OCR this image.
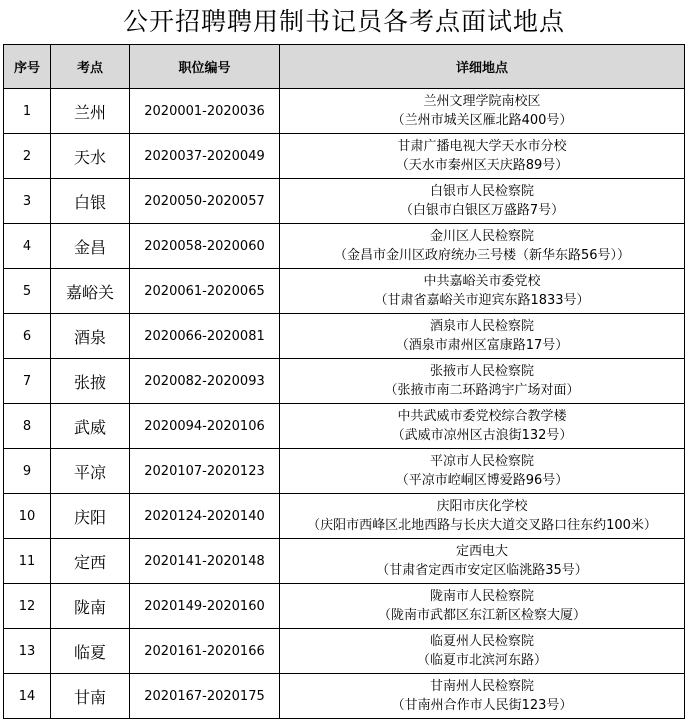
公开招聘聘用制书记员各考点面试地点
序号	考点	职位编号	详细地点
1	兰州	2020001-2020036	兰州文理学院南校区
（兰州市城关区雁北路400号）

2	天水	2020037-2020049	甘肃广播电视大学天水市分校
（天水市秦州区天庆路89号）

3	白银	2020050-2020057	白银市人民检察院
（白银市白银区万盛路7号）

4	金昌	2020058-2020060	金川区人民检察院
（金昌市金川区政府统办三号楼（新华东路56号））

5	嘉峪关	2020061-2020065	中共嘉峪关市委党校
（甘肃省嘉峪关市迎宾东路1833号）

6	酒泉	2020066-2020081	酒泉市人民检察院
（酒泉市肃州区富康路17号）

7	张掖	2020082-2020093	张掖市人民检察院
（张掖市南二环路鸿宇广场对面）

8	武威	2020094-2020106	中共武威市委党校综合教学楼
（武威市凉州区古浪街132号）

9	平凉	2020107-2020123	平凉市人民检察院
（平凉市崆峒区博爱路96号）

10	庆阳	2020124-2020140	庆阳市庆化学校
（庆阳市西峰区北地西路与长庆大道交叉路口往东约100米）

11	定西	2020141-2020148	定西电大
（甘肃省定西市安定区临洮路35号）

12	陇南	2020149-2020160	陇南市人民检察院
（陇南市武都区东江新区检察大厦）

13	临夏	2020161-2020166	临夏州人民检察院
（临夏市北滨河东路）

14	甘南	2020167-2020175	甘南州人民检察院
（甘南州合作市人民街123号）
